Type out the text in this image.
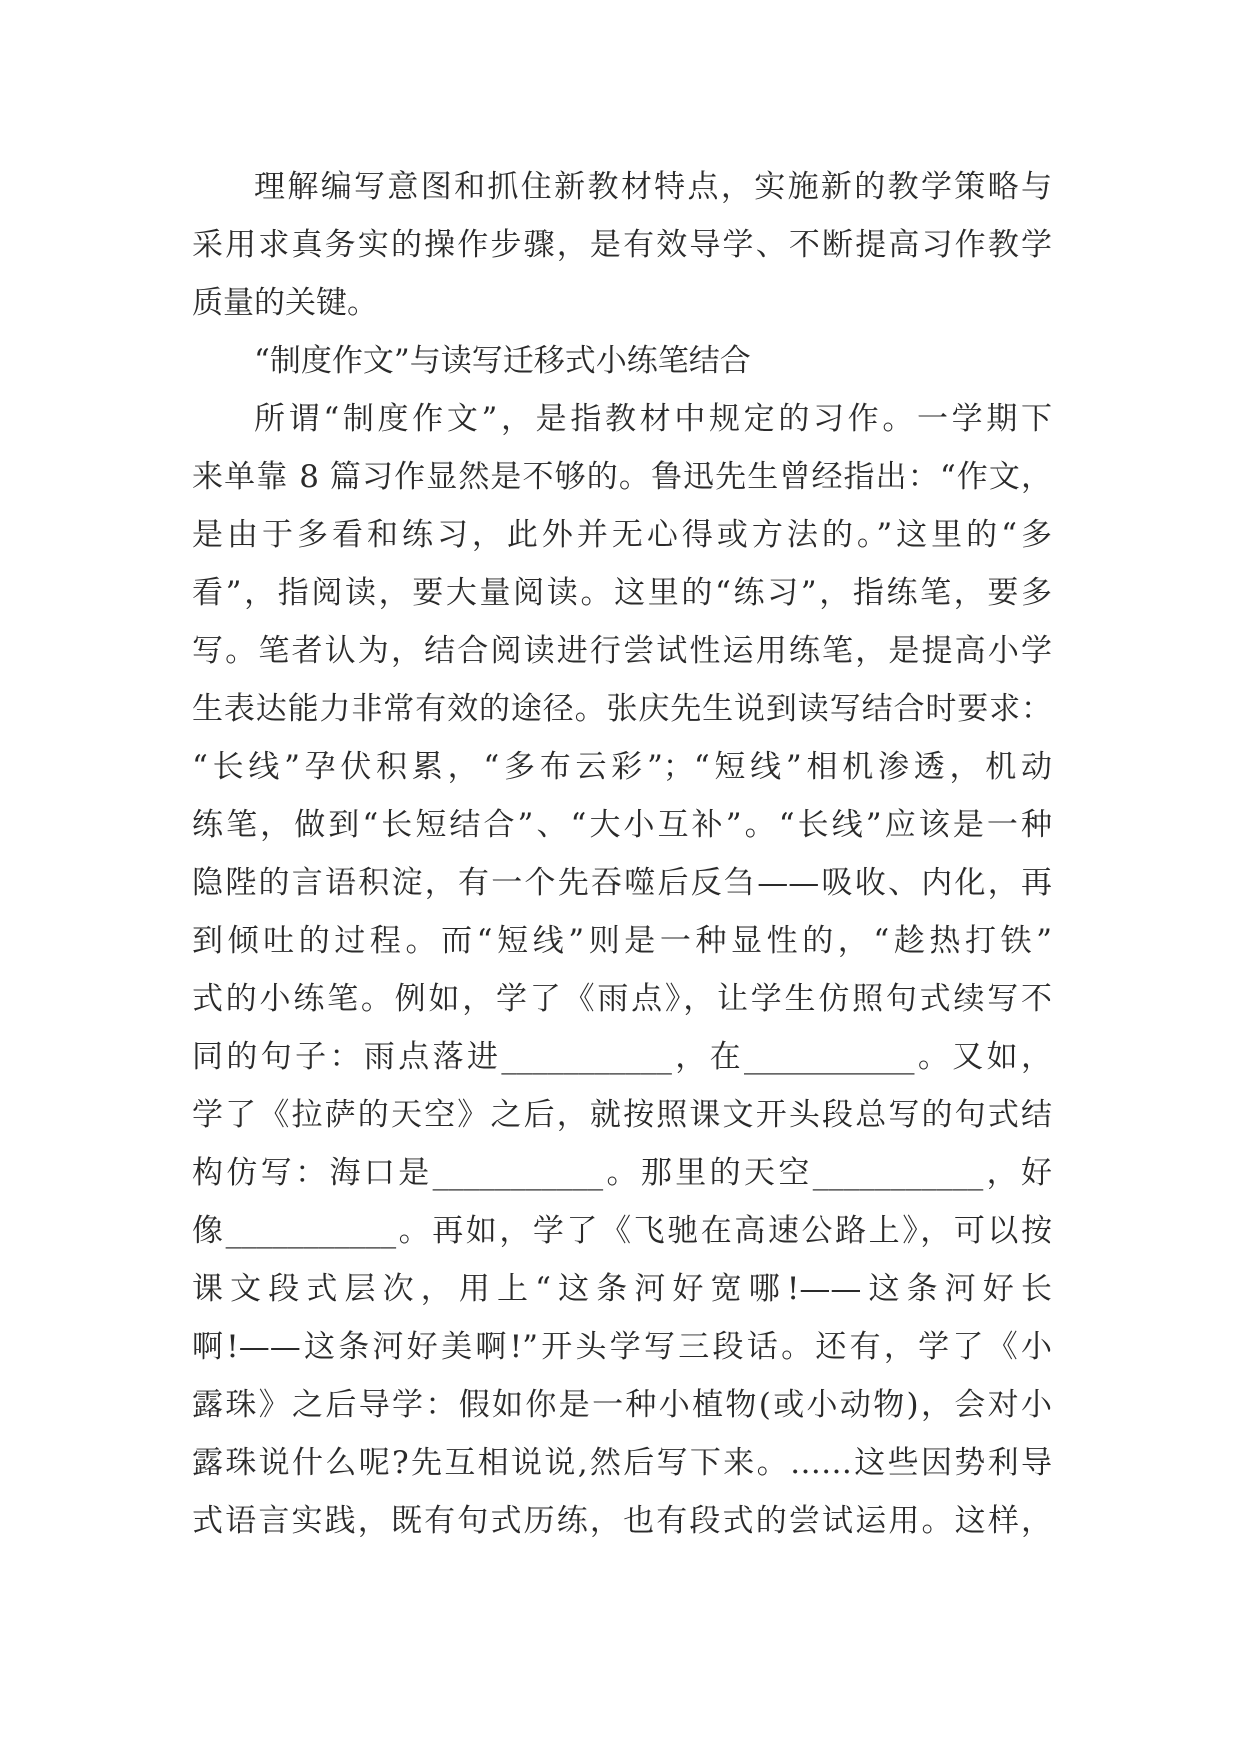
理解编写意图和抓住新教材特点，实施新的教学策略与
采用求真务实的操作步骤，是有效导学、不断提高习作教学
质量的关键。
“制度作文”与读写迁移式小练笔结合
所谓“制度作文”，是指教材中规定的习作。一学期下
来单靠 8 篇习作显然是不够的。鲁迅先生曾经指出：“作文，
是由于多看和练习，此外并无心得或方法的。”这里的“多
看”，指阅读，要大量阅读。这里的“练习”，指练笔，要多
写。笔者认为，结合阅读进行尝试性运用练笔，是提高小学
生表达能力非常有效的途径。张庆先生说到读写结合时要求：
“长线”孕伏积累，“多布云彩”；“短线”相机渗透，机动
练笔，做到“长短结合”、“大小互补”。“长线”应该是一种
隐陛的言语积淀，有一个先吞噬后反刍——吸收、内化，再
到倾吐的过程。而“短线”则是一种显性的，“趁热打铁”
式的小练笔。例如，学了《雨点》，让学生仿照句式续写不
同的句子：雨点落进___________，在___________。又如，
学了《拉萨的天空》之后，就按照课文开头段总写的句式结
构仿写：海口是___________。那里的天空___________，好
像___________。再如，学了《飞驰在高速公路上》，可以按
课文段式层次，用上“这条河好宽哪!——这条河好长
啊!——这条河好美啊!”开头学写三段话。还有，学了《小
露珠》之后导学：假如你是一种小植物(或小动物)，会对小
露珠说什么呢?先互相说说,然后写下来。……这些因势利导
式语言实践，既有句式历练，也有段式的尝试运用。这样，
